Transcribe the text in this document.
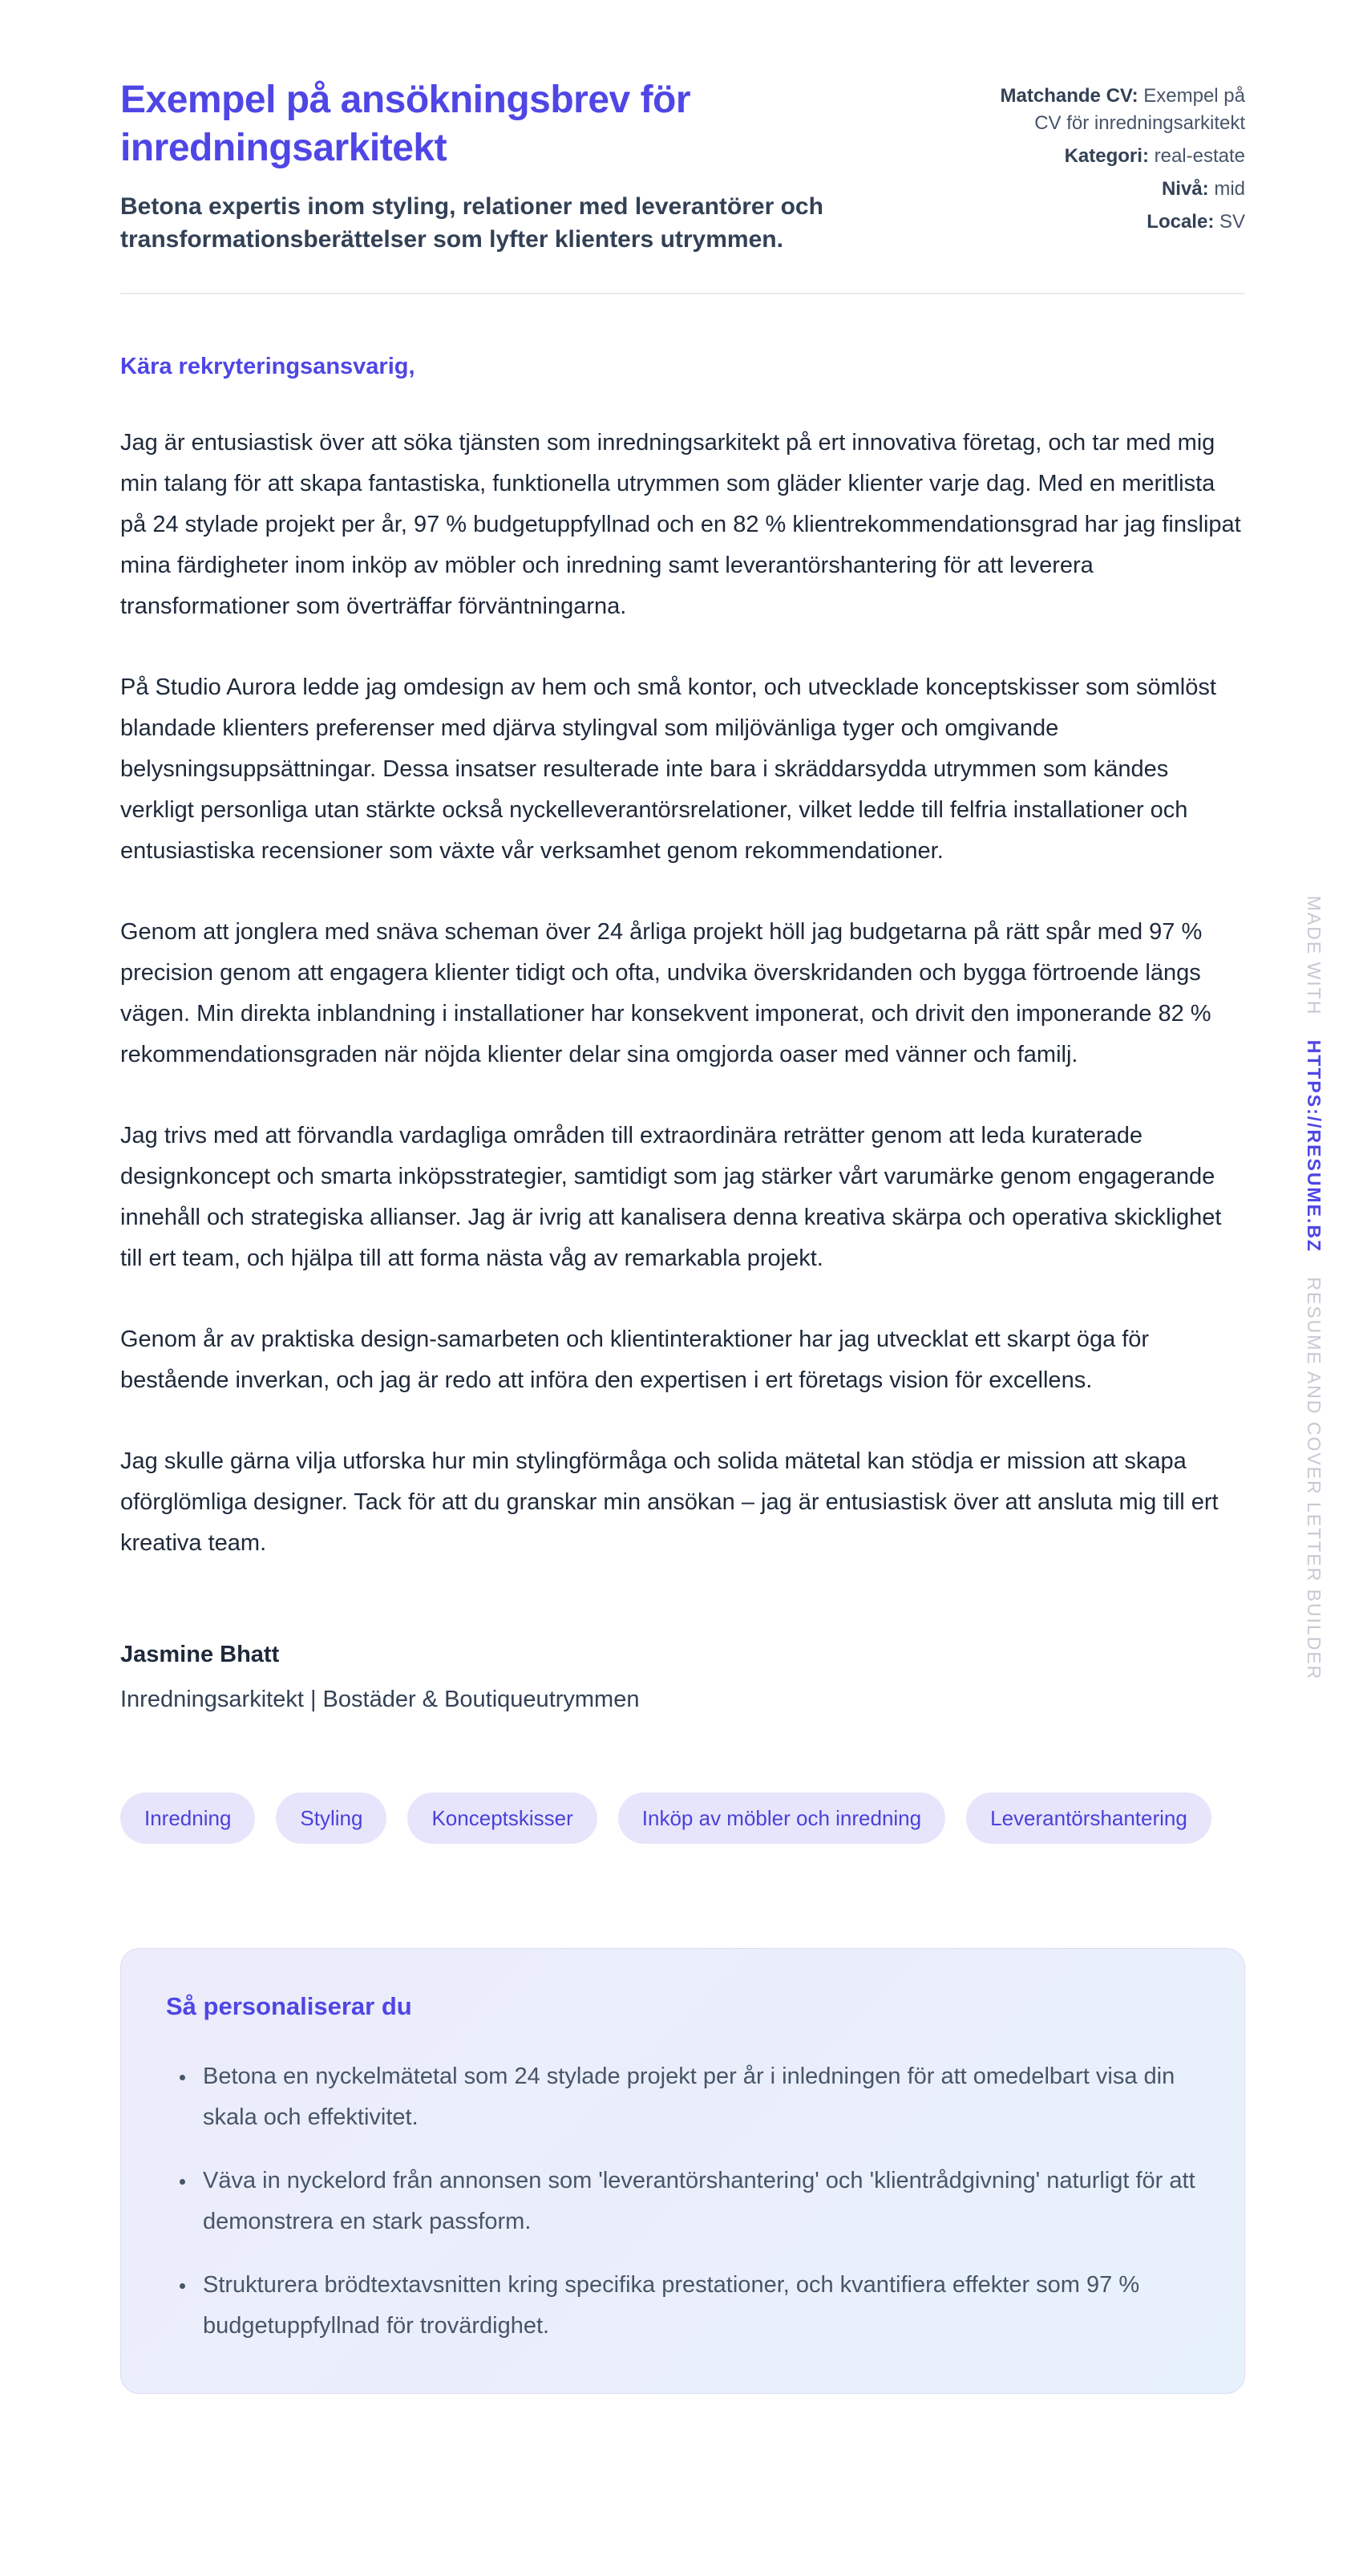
Exempel på ansökningsbrev för inredningsarkitekt
Betona expertis inom styling, relationer med leverantörer och transformationsberättelser som lyfter klienters utrymmen.
Matchande CV: Exempel på CV för inredningsarkitekt
Kategori: real-estate
Nivå: mid
Locale: SV
Kära rekryteringsansvarig,

Jag är entusiastisk över att söka tjänsten som inredningsarkitekt på ert innovativa företag, och tar med mig min talang för att skapa fantastiska, funktionella utrymmen som gläder klienter varje dag. Med en meritlista på 24 stylade projekt per år, 97 % budgetuppfyllnad och en 82 % klientrekommendationsgrad har jag finslipat mina färdigheter inom inköp av möbler och inredning samt leverantörshantering för att leverera transformationer som överträffar förväntningarna.

På Studio Aurora ledde jag omdesign av hem och små kontor, och utvecklade konceptskisser som sömlöst blandade klienters preferenser med djärva stylingval som miljövänliga tyger och omgivande belysningsuppsättningar. Dessa insatser resulterade inte bara i skräddarsydda utrymmen som kändes verkligt personliga utan stärkte också nyckelleverantörsrelationer, vilket ledde till felfria installationer och entusiastiska recensioner som växte vår verksamhet genom rekommendationer.

Genom att jonglera med snäva scheman över 24 årliga projekt höll jag budgetarna på rätt spår med 97 % precision genom att engagera klienter tidigt och ofta, undvika överskridanden och bygga förtroende längs vägen. Min direkta inblandning i installationer har konsekvent imponerat, och drivit den imponerande 82 % rekommendationsgraden när nöjda klienter delar sina omgjorda oaser med vänner och familj.

Jag trivs med att förvandla vardagliga områden till extraordinära reträtter genom att leda kuraterade designkoncept och smarta inköpsstrategier, samtidigt som jag stärker vårt varumärke genom engagerande innehåll och strategiska allianser. Jag är ivrig att kanalisera denna kreativa skärpa och operativa skicklighet till ert team, och hjälpa till att forma nästa våg av remarkabla projekt.

Genom år av praktiska design-samarbeten och klientinteraktioner har jag utvecklat ett skarpt öga för bestående inverkan, och jag är redo att införa den expertisen i ert företags vision för excellens.

Jag skulle gärna vilja utforska hur min stylingförmåga och solida mätetal kan stödja er mission att skapa oförglömliga designer. Tack för att du granskar min ansökan – jag är entusiastisk över att ansluta mig till ert kreativa team.

Jasmine Bhatt
Inredningsarkitekt | Bostäder & Boutiqueutrymmen
Inredning	Styling	Konceptskisser	Inköp av möbler och inredning	Leverantörshantering
Så personaliserar du
• Betona en nyckelmätetal som 24 stylade projekt per år i inledningen för att omedelbart visa din skala och effektivitet.
• Väva in nyckelord från annonsen som 'leverantörshantering' och 'klientrådgivning' naturligt för att demonstrera en stark passform.
• Strukturera brödtextavsnitten kring specifika prestationer, och kvantifiera effekter som 97 % budgetuppfyllnad för trovärdighet.
MADE WITH HTTPS://RESUME.BZ RESUME AND COVER LETTER BUILDER
